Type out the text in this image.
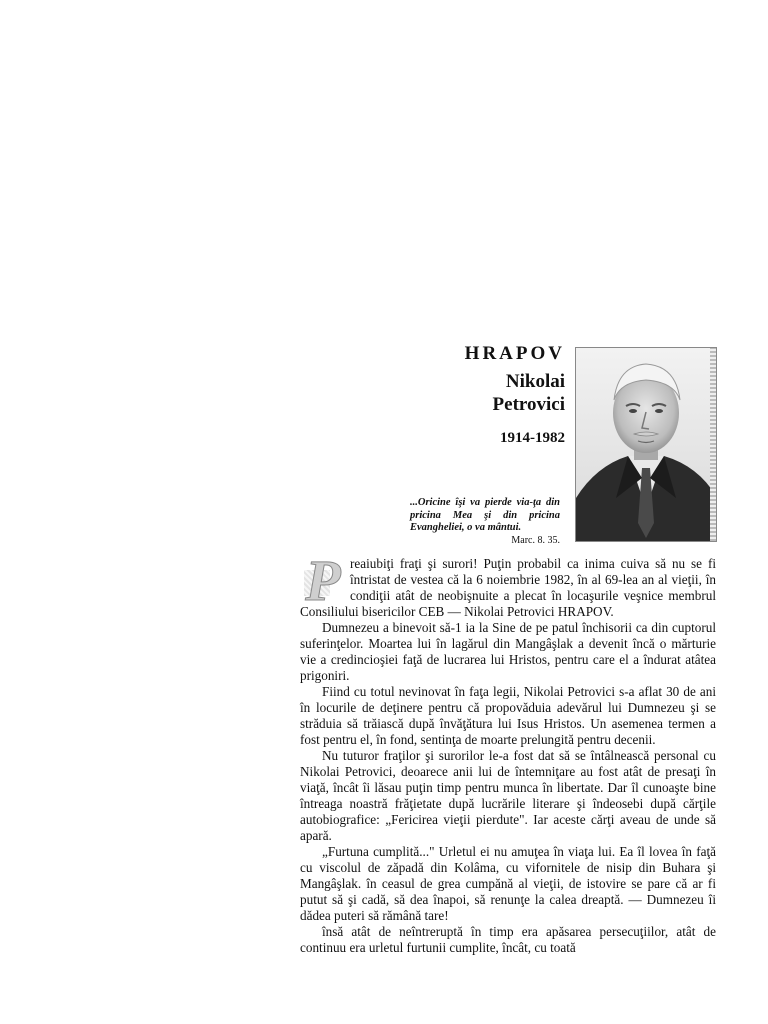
HRAPOV
Nikolai
Petrovici
1914-1982
...Oricine îşi va pierde via-ţa din pricina Mea şi din pricina Evangheliei, o va mântui.
Marc. 8. 35.

P reaiubiţi fraţi şi surori! Puţin probabil ca inima cuiva să nu se fi întristat de vestea că la 6 noiembrie 1982, în al 69-lea an al vieţii, în condiţii atât de neobişnuite a plecat în locaşurile veşnice membrul Consiliului bisericilor CEB — Nikolai Petrovici HRAPOV.

Dumnezeu a binevoit să-1 ia la Sine de pe patul închisorii ca din cuptorul suferinţelor. Moartea lui în lagărul din Mangâşlak a devenit încă o mărturie vie a credincioşiei faţă de lucrarea lui Hristos, pentru care el a îndurat atâtea prigoniri.

Fiind cu totul nevinovat în faţa legii, Nikolai Petrovici s-a aflat 30 de ani în locurile de deţinere pentru că propovăduia adevărul lui Dumnezeu şi se străduia să trăiască după învăţătura lui Isus Hristos. Un asemenea termen a fost pentru el, în fond, sentinţa de moarte prelungită pentru decenii.

Nu tuturor fraţilor şi surorilor le-a fost dat să se întâlnească personal cu Nikolai Petrovici, deoarece anii lui de întemniţare au fost atât de presaţi în viaţă, încât îi lăsau puţin timp pentru munca în libertate. Dar îl cunoaşte bine întreaga noastră frăţietate după lucrările literare şi îndeosebi după cărţile autobiografice: „Fericirea vieţii pierdute". Iar aceste cărţi aveau de unde să apară.

„Furtuna cumplită..." Urletul ei nu amuţea în viaţa lui. Ea îl lovea în faţă cu viscolul de zăpadă din Kolâma, cu vifornitele de nisip din Buhara şi Mangâşlak. în ceasul de grea cumpănă al vieţii, de istovire se pare că ar fi putut să şi cadă, să dea înapoi, să renunţe la calea dreaptă. — Dumnezeu îi dădea puteri să rămână tare!

însă atât de neîntreruptă în timp era apăsarea persecuţiilor, atât de continuu era urletul furtunii cumplite, încât, cu toată
